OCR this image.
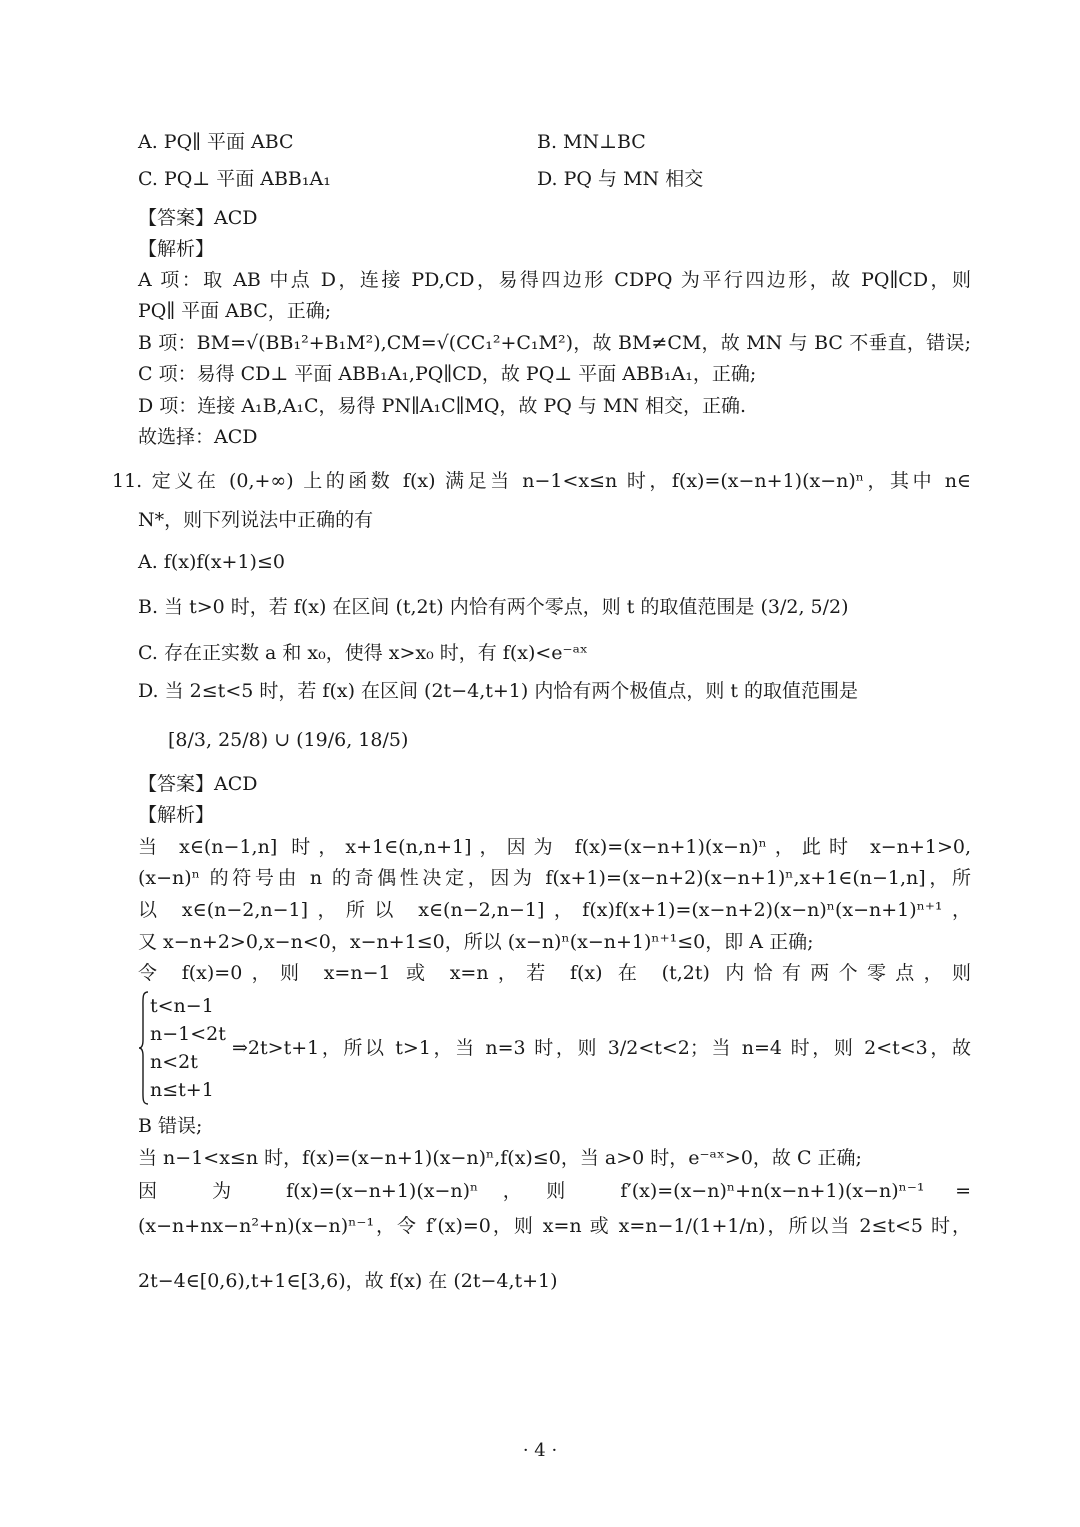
A. PQ∥ 平面 ABC	B. MN⊥BC
C. PQ⊥ 平面 ABB₁A₁	D. PQ 与 MN 相交
【答案】ACD
【解析】
A 项：取 AB 中点 D，连接 PD,CD，易得四边形 CDPQ 为平行四边形，故 PQ∥CD，则
PQ∥ 平面 ABC，正确;
B 项：BM=√(BB₁²+B₁M²),CM=√(CC₁²+C₁M²)，故 BM≠CM，故 MN 与 BC 不垂直，错误;
C 项：易得 CD⊥ 平面 ABB₁A₁,PQ∥CD，故 PQ⊥ 平面 ABB₁A₁，正确;
D 项：连接 A₁B,A₁C，易得 PN∥A₁C∥MQ，故 PQ 与 MN 相交，正确.
故选择：ACD
11. 定义在 (0,+∞) 上的函数 f(x) 满足当 n−1<x≤n 时，f(x)=(x−n+1)(x−n)ⁿ，其中 n∈
N*，则下列说法中正确的有
A. f(x)f(x+1)≤0
B. 当 t>0 时，若 f(x) 在区间 (t,2t) 内恰有两个零点，则 t 的取值范围是 (3/2, 5/2)
C. 存在正实数 a 和 x₀，使得 x>x₀ 时，有 f(x)<e⁻ᵃˣ
D. 当 2≤t<5 时，若 f(x) 在区间 (2t−4,t+1) 内恰有两个极值点，则 t 的取值范围是
[8/3, 25/8) ∪ (19/6, 18/5)
【答案】ACD
【解析】
当 x∈(n−1,n] 时，x+1∈(n,n+1]，因为 f(x)=(x−n+1)(x−n)ⁿ，此时 x−n+1>0,
(x−n)ⁿ 的符号由 n 的奇偶性决定，因为 f(x+1)=(x−n+2)(x−n+1)ⁿ,x+1∈(n−1,n]，所
以 x∈(n−2,n−1]，所以 x∈(n−2,n−1]，f(x)f(x+1)=(x−n+2)(x−n)ⁿ(x−n+1)ⁿ⁺¹，
又 x−n+2>0,x−n<0，x−n+1≤0，所以 (x−n)ⁿ(x−n+1)ⁿ⁺¹≤0，即 A 正确;
令 f(x)=0，则 x=n−1 或 x=n，若 f(x) 在 (t,2t) 内恰有两个零点，则
t<n−1
n−1<2t
n<2t
n≤t+1
⇒2t>t+1，所以 t>1，当 n=3 时，则 3/2<t<2；当 n=4 时，则 2<t<3，故
B 错误;
当 n−1<x≤n 时，f(x)=(x−n+1)(x−n)ⁿ,f(x)≤0，当 a>0 时，e⁻ᵃˣ>0，故 C 正确;
因 为 f(x)=(x−n+1)(x−n)ⁿ，则 f′(x)=(x−n)ⁿ+n(x−n+1)(x−n)ⁿ⁻¹ =
(x−n+nx−n²+n)(x−n)ⁿ⁻¹，令 f′(x)=0，则 x=n 或 x=n−1/(1+1/n)，所以当 2≤t<5 时，
2t−4∈[0,6),t+1∈[3,6)，故 f(x) 在 (2t−4,t+1)
· 4 ·
